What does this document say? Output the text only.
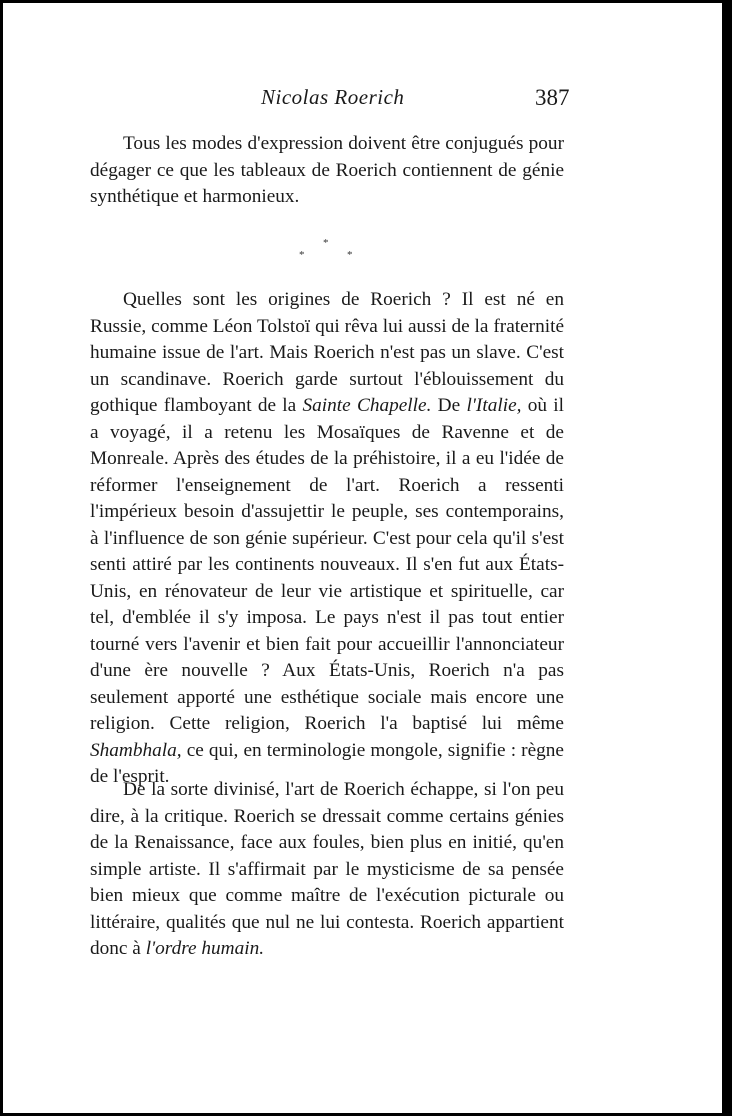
Nicolas Roerich	387

Tous les modes d'expression doivent être conjugués pour dégager ce que les tableaux de Roerich contiennent de génie synthétique et harmonieux.

*
*	*

Quelles sont les origines de Roerich ? Il est né en Russie, comme Léon Tolstoï qui rêva lui aussi de la fraternité humaine issue de l'art. Mais Roerich n'est pas un slave. C'est un scandinave. Roerich garde surtout l'éblouissement du gothique flamboyant de la Sainte Chapelle. De l'Italie, où il a voyagé, il a retenu les Mosaïques de Ravenne et de Monreale. Après des études de la préhistoire, il a eu l'idée de réformer l'enseignement de l'art. Roerich a ressenti l'impérieux besoin d'assujettir le peuple, ses contemporains, à l'influence de son génie supérieur. C'est pour cela qu'il s'est senti attiré par les continents nouveaux. Il s'en fut aux États-Unis, en rénovateur de leur vie artistique et spirituelle, car tel, d'emblée il s'y imposa. Le pays n'est il pas tout entier tourné vers l'avenir et bien fait pour accueillir l'annonciateur d'une ère nouvelle ? Aux États-Unis, Roerich n'a pas seulement apporté une esthétique sociale mais encore une religion. Cette religion, Roerich l'a baptisé lui même Shambhala, ce qui, en terminologie mongole, signifie : règne de l'esprit.

De la sorte divinisé, l'art de Roerich échappe, si l'on peu dire, à la critique. Roerich se dressait comme certains génies de la Renaissance, face aux foules, bien plus en initié, qu'en simple artiste. Il s'affirmait par le mysticisme de sa pensée bien mieux que comme maître de l'exécution picturale ou littéraire, qualités que nul ne lui contesta. Roerich appartient donc à l'ordre humain.
